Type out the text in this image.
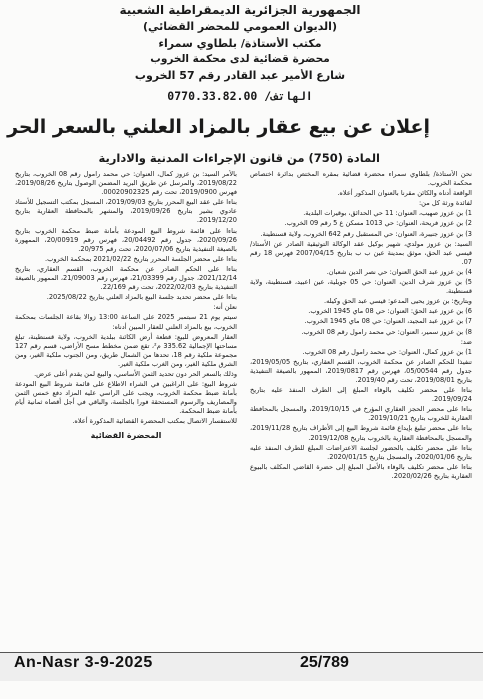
الجمهورية الجزائرية الديمقراطية الشعبية
(الديوان العمومي للمحضر القضائي)
مكتب الأستاذة/ بلطاوي سمراء
محضرة قضائية لدى محكمة الخروب
شارع الأمير عبد القادر رقم 57 الخروب
الهاتف/ 0770.33.82.00
إعلان عن بيع عقار بالمزاد العلني بالسعر الحر
المادة (750) من قانون الإجراءات المدنية والادارية

نحن الأستاذة/ بلطاوي سمراء محضرة قضائية بمقره المختص بدائرة اختصاص محكمة الخروب.

الواقعة أدناه والكائن مقرنا بالعنوان المذكور أعلاه.

لفائدة ورثة كل من:

1) بن عزوز صهيب، العنوان: 11 حي الحدائق، بوقيرات البلدية.

2) بن عزوز فريحة، العنوان: حي 1013 مسكن ع 5 رقم 09 الخروب.

3) بن عزوز جنيبرة، العنوان: حي المستقبل رقم 642 الخروب، ولاية قسنطينة.

السيد: بن عزوز مولدي، شهير بوكيل عقد الوكالة التوثيقية الصادر عن الأستاذ/ قيسي عبد الحق، موثق بمدينة عين ب ب بتاريخ 2007/04/15 فهرس 18 رقم 07.

4) بن عزوز عبد الحق العنوان: حي نصر الدين شعبان.

5) بن عزوز شرف الدين، العنوان: حي 05 جويلية، عين اعبيد، قسنطينة، ولاية قسنطينة.

وبتاريخ: بن عزوز يحيى المدعو: قيسي عبد الحق وكيله.

6) بن عزوز عبد الحق: العنوان: حي 08 ماي 1945 الخروب.

7) بن عزوز عبد المجيد، العنوان: حي 08 ماي 1945 الخروب.

8) بن عزوز سمير، العنوان: حي محمد رامول رقم 08 الخروب.

ضد:

1) بن عزوز كمال، العنوان: حي محمد رامول رقم 08 الخروب.

تنفيذا للحكم الصادر عن محكمة الخروب، القسم العقاري، بتاريخ 2019/05/05، جدول رقم 05/00544، فهرس رقم 2019/0817، الممهور بالصيغة التنفيذية بتاريخ 2019/08/01، تحت رقم 2019/40.

بناءا على محضر تكليف بالوفاء المبلغ إلى الطرف المنفذ عليه بتاريخ 2019/09/24.

بناءا على محضر الحجز العقاري المؤرخ في 2019/10/15، والمسجل بالمحافظة العقارية للخروب بتاريخ 2019/10/21.

بناءا على محضر تبليغ بإيداع قائمة شروط البيع إلى الأطراف بتاريخ 2019/11/28، والمسجل بالمحافظة العقارية بالخروب بتاريخ 2019/12/08.

بناءا على محضر تكليف بالحضور لجلسة الاعتراضات المبلغ للطرف المنفذ عليه بتاريخ 2020/01/06، والمسجل بتاريخ 2020/01/15.

بناءا على محضر تكليف بالوفاء بالأصل المبلغ إلى حضرة القاضي المكلف بالبيوع العقارية بتاريخ 2020/02/26.

بالأمر السيد: بن عزوز كمال، العنوان: حي محمد رامول رقم 08 الخروب، بتاريخ 2019/08/22، والمرسل عن طريق البريد المضمن الوصول بتاريخ 2019/08/26، فهرس 2019/0900، تحت رقم 00020902325.

بناءا على عقد البيع المحرر بتاريخ 2019/09/03، المسجل بمكتب التسجيل للأستاذ عادوي بشير بتاريخ 2019/09/26، والمشهر بالمحافظة العقارية بتاريخ 2019/12/20.

بناءا على قائمة شروط البيع المودعة بأمانة ضبط محكمة الخروب بتاريخ 2020/09/26، جدول رقم 20/04492، فهرس رقم 20/00919، الممهورة بالصيغة التنفيذية بتاريخ 2020/07/06، تحت رقم 20/975.

بناءا على محضر الجلسة المحرر بتاريخ 2021/02/22 بمحكمة الخروب.

بناءا على الحكم الصادر عن محكمة الخروب، القسم العقاري، بتاريخ 2021/12/14، جدول رقم 21/03399، فهرس رقم 21/09003، الممهور بالصيغة التنفيذية بتاريخ 2022/02/03، تحت رقم 22/169.

بناءا على محضر تحديد جلسة البيع بالمزاد العلني بتاريخ 2025/08/22.

نعلن أنه:

سيتم يوم 21 سبتمبر 2025 على الساعة 13:00 زوالا بقاعة الجلسات بمحكمة الخروب، بيع بالمزاد العلني للعقار المبين أدناه:

العقار المعروض للبيع: قطعة أرض الكائنة ببلدية الخروب، ولاية قسنطينة، تبلغ مساحتها الإجمالية 335.62 م²، تقع ضمن مخطط مسح الأراضي، قسم رقم 127 مجموعة ملكية رقم 18، تحدها من الشمال طريق، ومن الجنوب ملكية الغير، ومن الشرق ملكية الغير، ومن الغرب ملكية الغير.

وذلك بالسعر الحر دون تحديد الثمن الأساسي، والبيع لمن يقدم أعلى عرض.

شروط البيع: على الراغبين في الشراء الاطلاع على قائمة شروط البيع المودعة بأمانة ضبط محكمة الخروب، ويجب على الراسي عليه المزاد دفع خمس الثمن والمصاريف والرسوم المستحقة فورا بالجلسة، والباقي في أجل أقصاه ثمانية أيام بأمانة ضبط المحكمة.

للاستفسار الاتصال بمكتب المحضرة القضائية المذكورة أعلاه.

المحضرة القضائية
An-Nasr 3-9-2025	25/789
